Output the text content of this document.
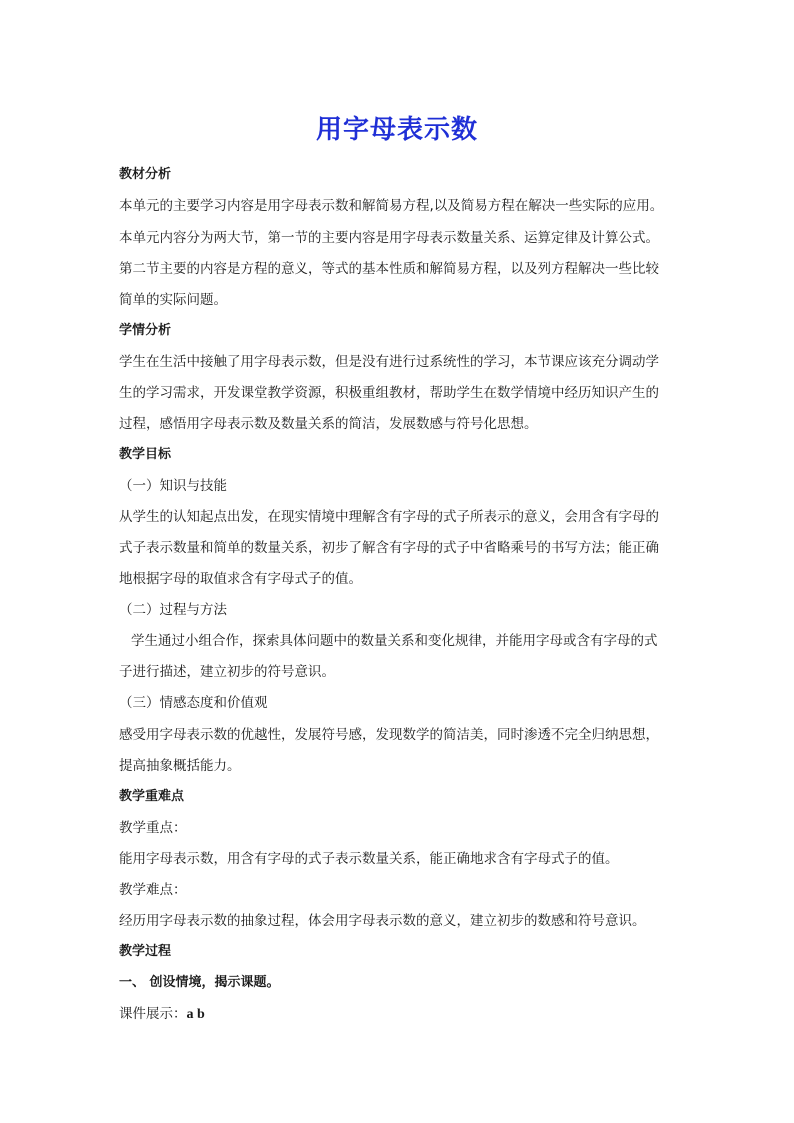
用字母表示数
教材分析
本单元的主要学习内容是用字母表示数和解简易方程,以及简易方程在解决一些实际的应用。
本单元内容分为两大节，第一节的主要内容是用字母表示数量关系、运算定律及计算公式。
第二节主要的内容是方程的意义，等式的基本性质和解简易方程，以及列方程解决一些比较
简单的实际问题。
学情分析
学生在生活中接触了用字母表示数，但是没有进行过系统性的学习，本节课应该充分调动学
生的学习需求，开发课堂教学资源，积极重组教材，帮助学生在数学情境中经历知识产生的
过程，感悟用字母表示数及数量关系的简洁，发展数感与符号化思想。
教学目标
（一）知识与技能
从学生的认知起点出发，在现实情境中理解含有字母的式子所表示的意义，会用含有字母的
式子表示数量和简单的数量关系，初步了解含有字母的式子中省略乘号的书写方法；能正确
地根据字母的取值求含有字母式子的值。
（二）过程与方法
学生通过小组合作，探索具体问题中的数量关系和变化规律，并能用字母或含有字母的式
子进行描述，建立初步的符号意识。
（三）情感态度和价值观
感受用字母表示数的优越性，发展符号感，发现数学的简洁美，同时渗透不完全归纳思想，
提高抽象概括能力。
教学重难点
教学重点：
能用字母表示数，用含有字母的式子表示数量关系，能正确地求含有字母式子的值。
教学难点：
经历用字母表示数的抽象过程，体会用字母表示数的意义，建立初步的数感和符号意识。
教学过程
一、 创设情境，揭示课题。
课件展示：a b
